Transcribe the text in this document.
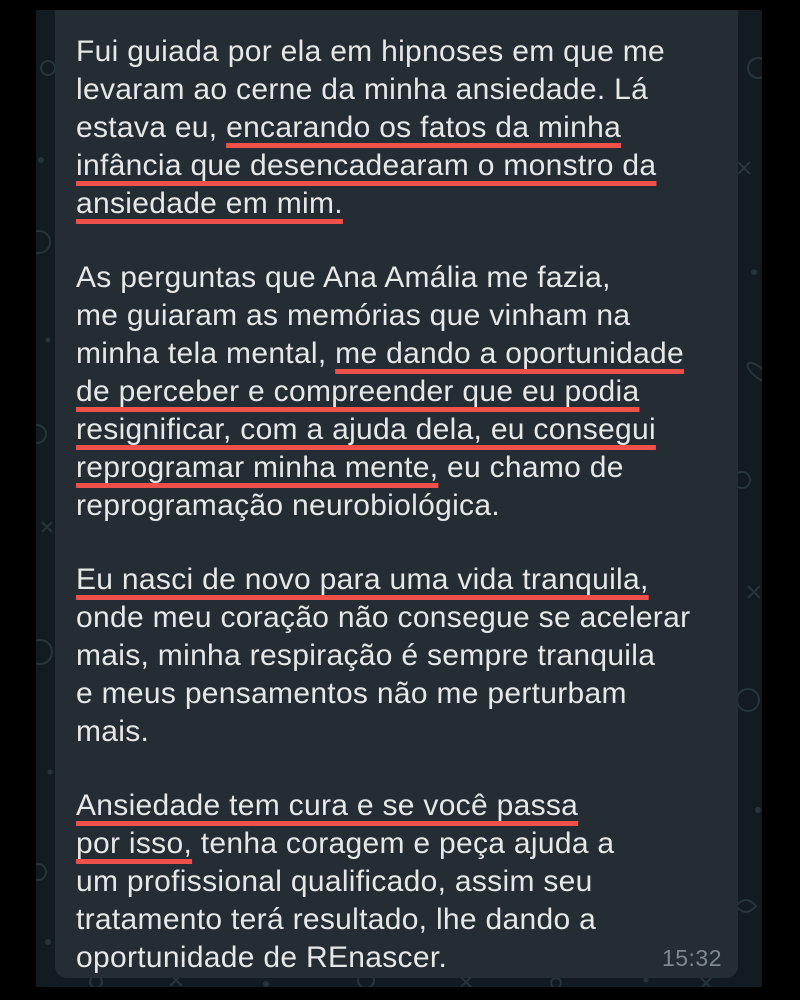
Fui guiada por ela em hipnoses em que me
levaram ao cerne da minha ansiedade. Lá
estava eu, encarando os fatos da minha
infância que desencadearam o monstro da
ansiedade em mim.
As perguntas que Ana Amália me fazia,
me guiaram as memórias que vinham na
minha tela mental, me dando a oportunidade
de perceber e compreender que eu podia
resignificar, com a ajuda dela, eu consegui
reprogramar minha mente, eu chamo de
reprogramação neurobiológica.
Eu nasci de novo para uma vida tranquila,
onde meu coração não consegue se acelerar
mais, minha respiração é sempre tranquila
e meus pensamentos não me perturbam
mais.
Ansiedade tem cura e se você passa
por isso, tenha coragem e peça ajuda a
um profissional qualificado, assim seu
tratamento terá resultado, lhe dando a
oportunidade de REnascer.	15:32
